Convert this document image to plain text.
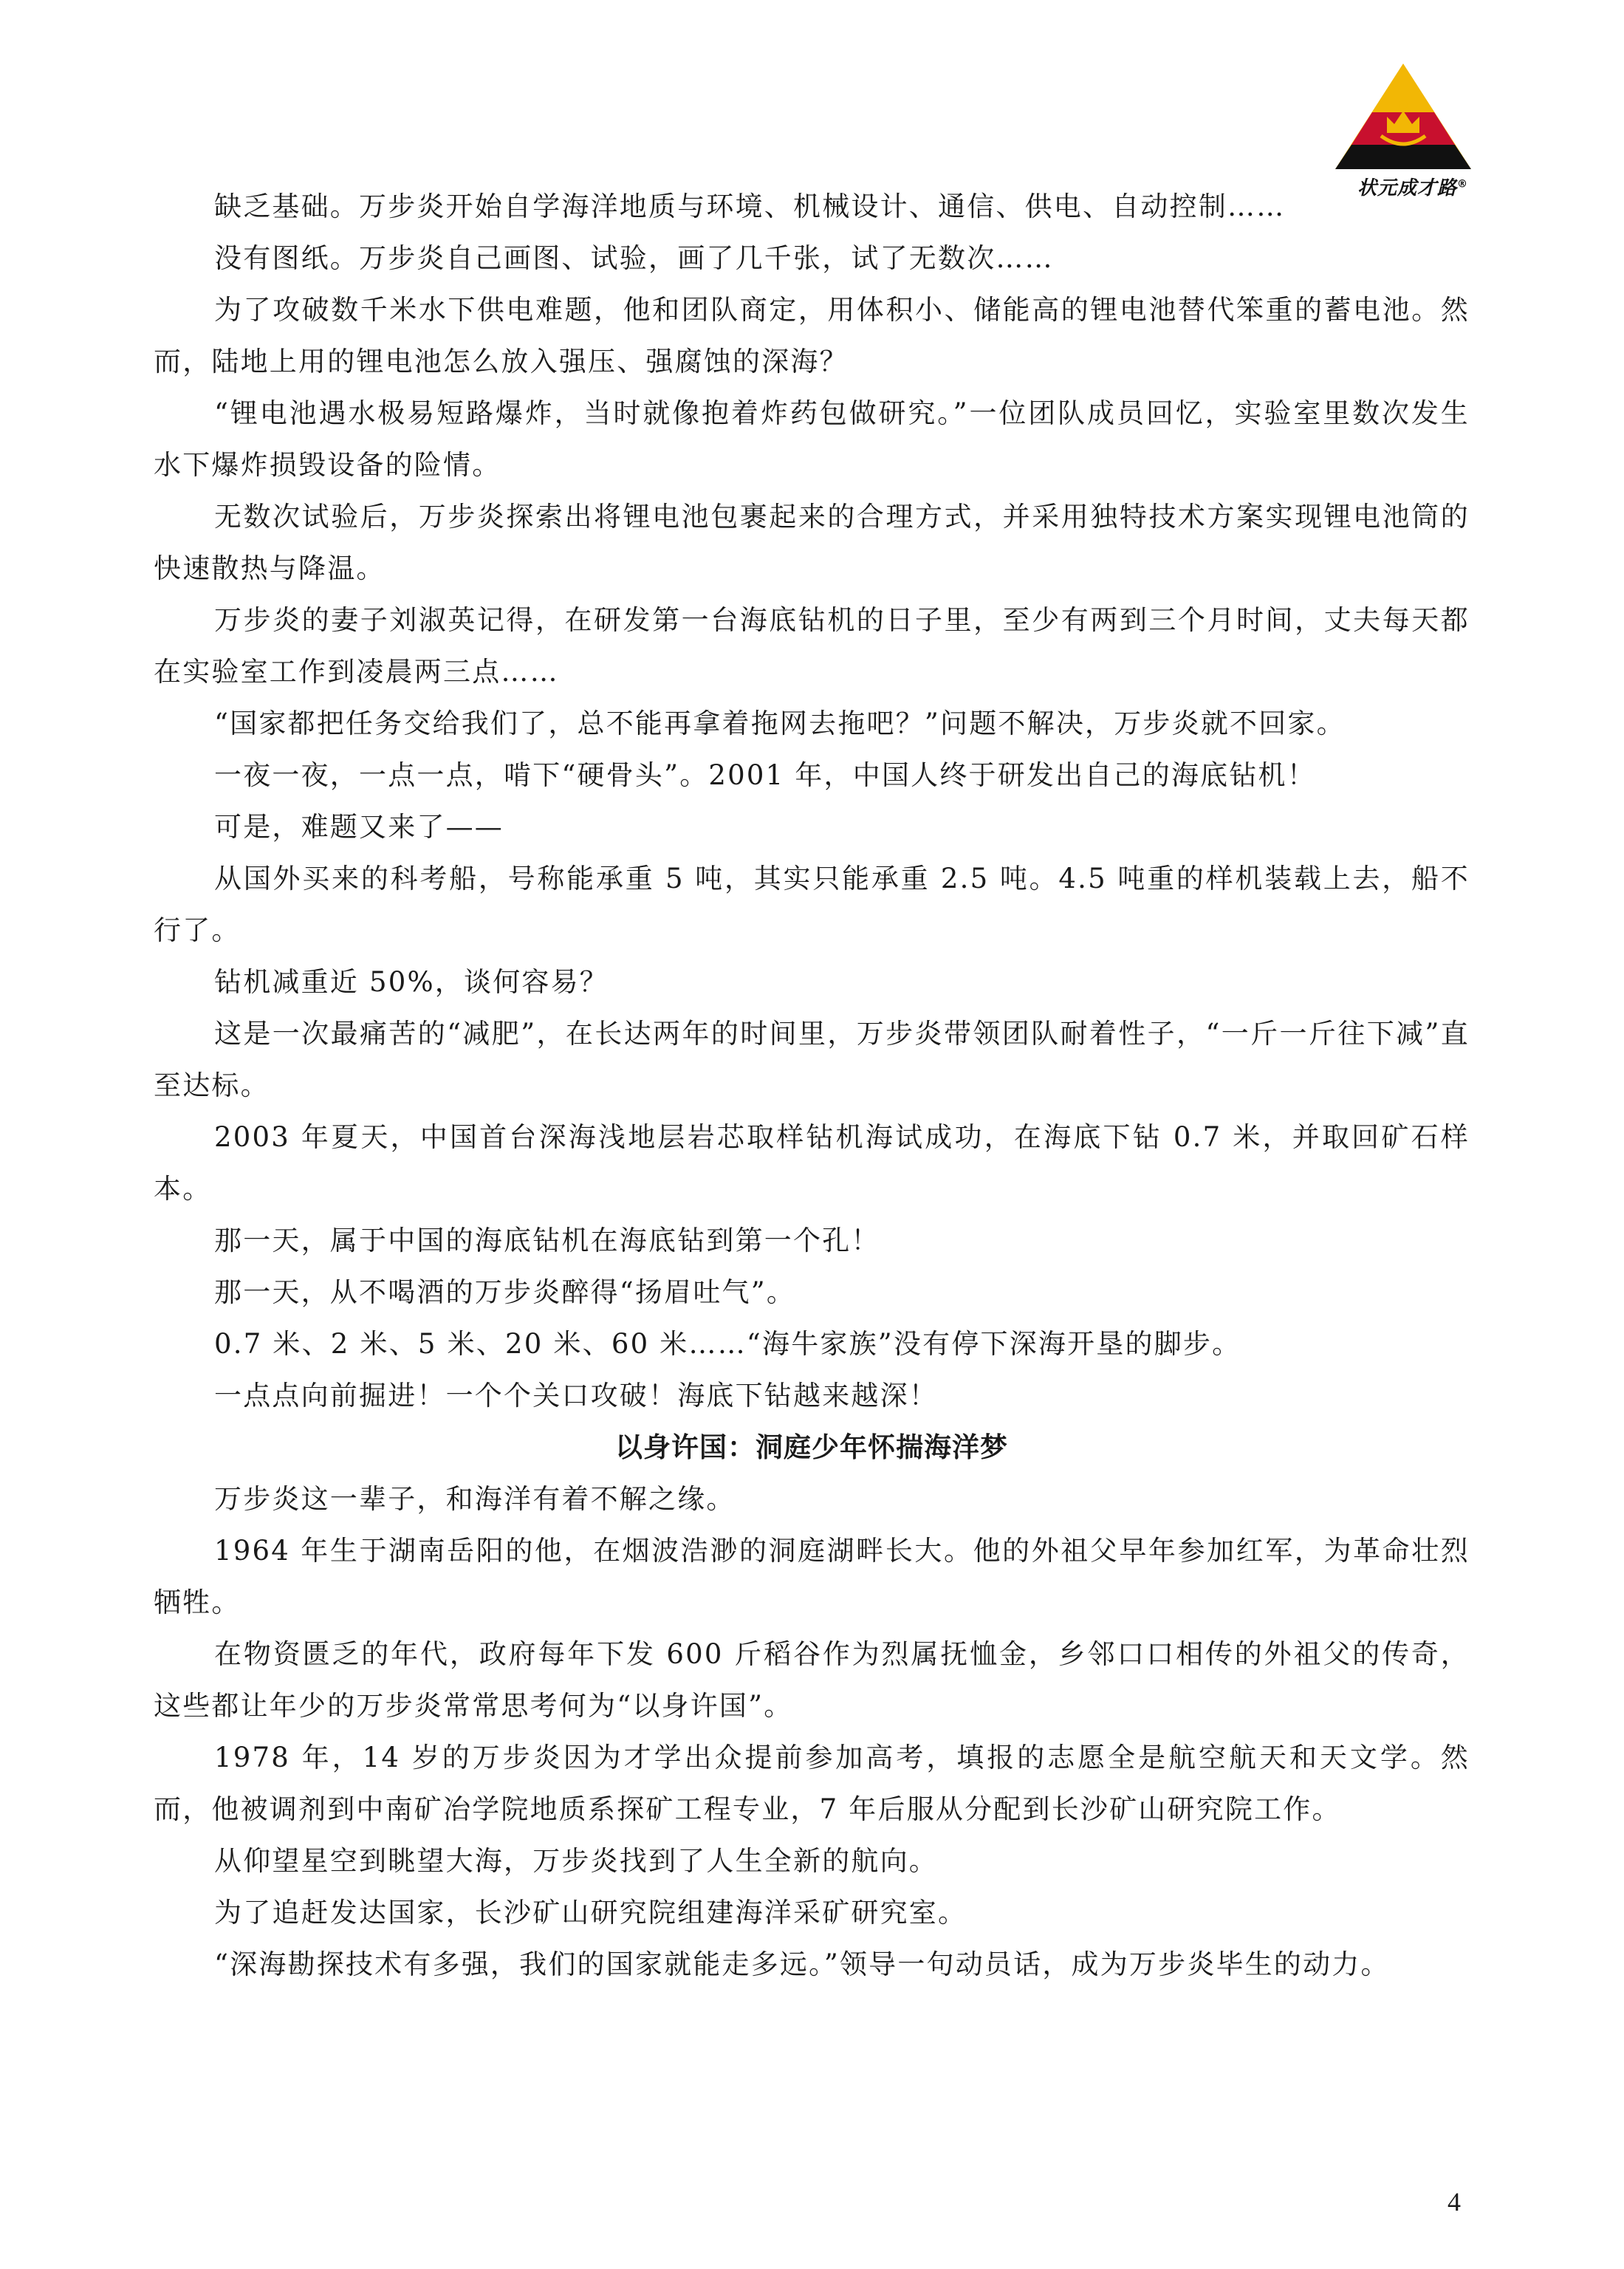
状元成才路®

缺乏基础。万步炎开始自学海洋地质与环境、机械设计、通信、供电、自动控制……

没有图纸。万步炎自己画图、试验，画了几千张，试了无数次……

为了攻破数千米水下供电难题，他和团队商定，用体积小、储能高的锂电池替代笨重的蓄电池。然而，陆地上用的锂电池怎么放入强压、强腐蚀的深海？

“锂电池遇水极易短路爆炸，当时就像抱着炸药包做研究。”一位团队成员回忆，实验室里数次发生水下爆炸损毁设备的险情。

无数次试验后，万步炎探索出将锂电池包裹起来的合理方式，并采用独特技术方案实现锂电池筒的快速散热与降温。

万步炎的妻子刘淑英记得，在研发第一台海底钻机的日子里，至少有两到三个月时间，丈夫每天都在实验室工作到凌晨两三点……

“国家都把任务交给我们了，总不能再拿着拖网去拖吧？”问题不解决，万步炎就不回家。

一夜一夜，一点一点，啃下“硬骨头”。2001 年，中国人终于研发出自己的海底钻机！

可是，难题又来了——

从国外买来的科考船，号称能承重 5 吨，其实只能承重 2.5 吨。4.5 吨重的样机装载上去，船不行了。

钻机减重近 50%，谈何容易？

这是一次最痛苦的“减肥”，在长达两年的时间里，万步炎带领团队耐着性子，“一斤一斤往下减”直至达标。

2003 年夏天，中国首台深海浅地层岩芯取样钻机海试成功，在海底下钻 0.7 米，并取回矿石样本。

那一天，属于中国的海底钻机在海底钻到第一个孔！

那一天，从不喝酒的万步炎醉得“扬眉吐气”。

0.7 米、2 米、5 米、20 米、60 米……“海牛家族”没有停下深海开垦的脚步。

一点点向前掘进！一个个关口攻破！海底下钻越来越深！

以身许国：洞庭少年怀揣海洋梦

万步炎这一辈子，和海洋有着不解之缘。

1964 年生于湖南岳阳的他，在烟波浩渺的洞庭湖畔长大。他的外祖父早年参加红军，为革命壮烈牺牲。

在物资匮乏的年代，政府每年下发 600 斤稻谷作为烈属抚恤金，乡邻口口相传的外祖父的传奇，这些都让年少的万步炎常常思考何为“以身许国”。

1978 年，14 岁的万步炎因为才学出众提前参加高考，填报的志愿全是航空航天和天文学。然而，他被调剂到中南矿冶学院地质系探矿工程专业，7 年后服从分配到长沙矿山研究院工作。

从仰望星空到眺望大海，万步炎找到了人生全新的航向。

为了追赶发达国家，长沙矿山研究院组建海洋采矿研究室。

“深海勘探技术有多强，我们的国家就能走多远。”领导一句动员话，成为万步炎毕生的动力。

4
